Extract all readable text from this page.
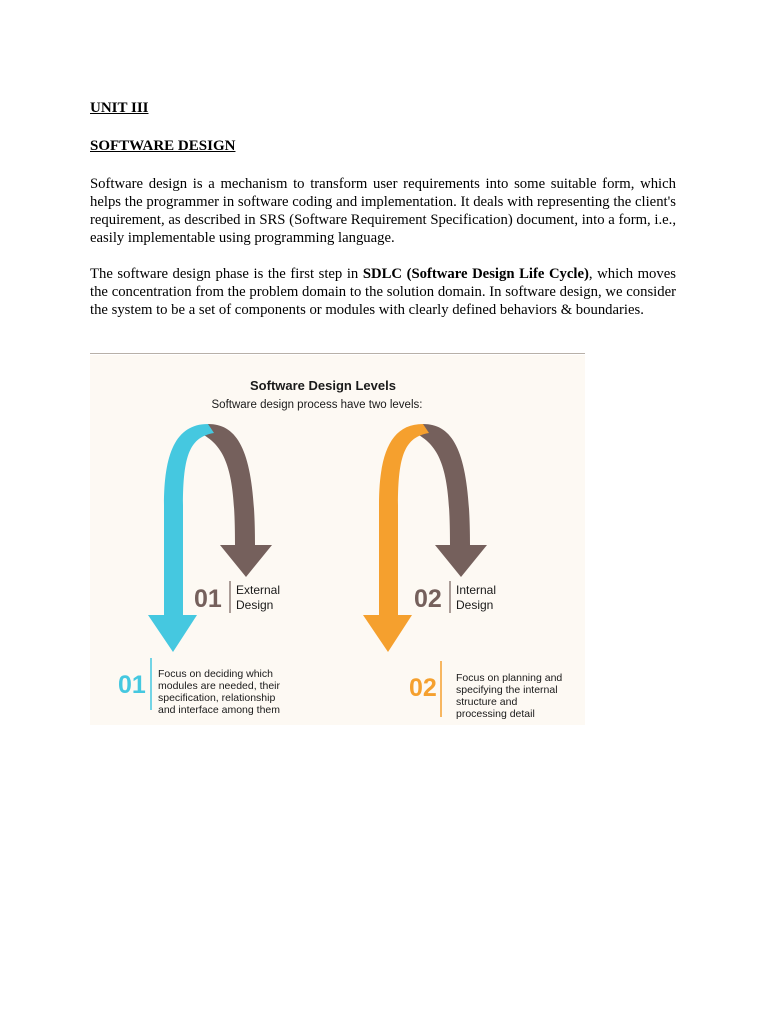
UNIT III

SOFTWARE DESIGN

Software design is a mechanism to transform user requirements into some suitable form, which helps the programmer in software coding and implementation. It deals with representing the client's requirement, as described in SRS (Software Requirement Specification) document, into a form, i.e., easily implementable using programming language.

The software design phase is the first step in SDLC (Software Design Life Cycle), which moves the concentration from the problem domain to the solution domain. In software design, we consider the system to be a set of components or modules with clearly defined behaviors & boundaries.

Software Design Levels
Software design process have two levels:
01 External
Design	02 Internal
Design
01 Focus on deciding which
modules are needed, their
specification, relationship
and interface among them
02 Focus on planning and
specifying the internal
structure and
processing detail
